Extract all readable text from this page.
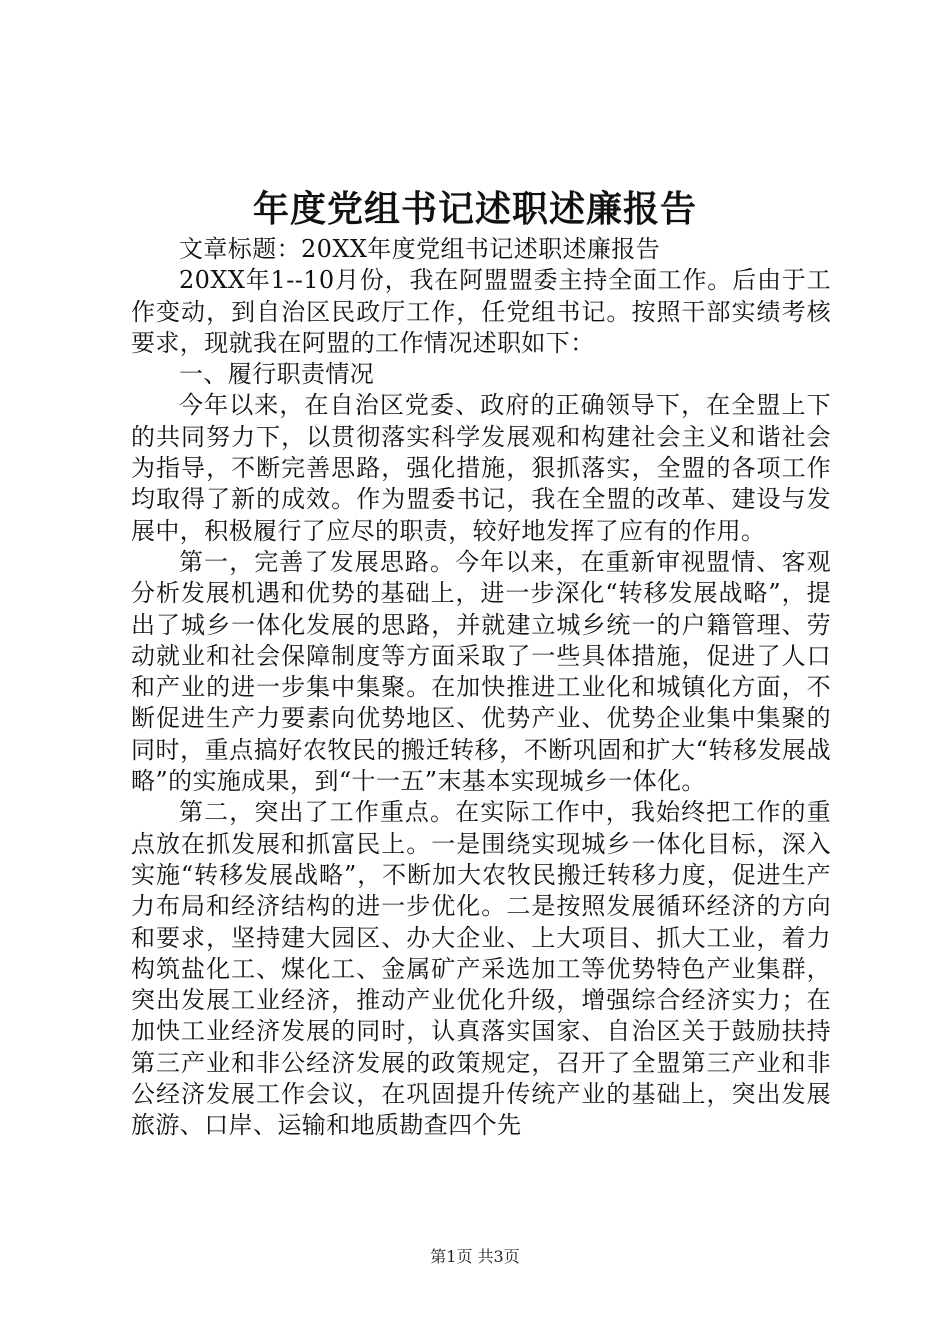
年度党组书记述职述廉报告

文章标题：20XX年度党组书记述职述廉报告

20XX年1--10月份，我在阿盟盟委主持全面工作。后由于工作变动，到自治区民政厅工作，任党组书记。按照干部实绩考核要求，现就我在阿盟的工作情况述职如下：

一、履行职责情况

今年以来，在自治区党委、政府的正确领导下，在全盟上下的共同努力下，以贯彻落实科学发展观和构建社会主义和谐社会为指导，不断完善思路，强化措施，狠抓落实，全盟的各项工作均取得了新的成效。作为盟委书记，我在全盟的改革、建设与发展中，积极履行了应尽的职责，较好地发挥了应有的作用。

第一，完善了发展思路。今年以来，在重新审视盟情、客观分析发展机遇和优势的基础上，进一步深化“转移发展战略”，提出了城乡一体化发展的思路，并就建立城乡统一的户籍管理、劳动就业和社会保障制度等方面采取了一些具体措施，促进了人口和产业的进一步集中集聚。在加快推进工业化和城镇化方面，不断促进生产力要素向优势地区、优势产业、优势企业集中集聚的同时，重点搞好农牧民的搬迁转移，不断巩固和扩大“转移发展战略”的实施成果，到“十一五”末基本实现城乡一体化。

第二，突出了工作重点。在实际工作中，我始终把工作的重点放在抓发展和抓富民上。一是围绕实现城乡一体化目标，深入实施“转移发展战略”，不断加大农牧民搬迁转移力度，促进生产力布局和经济结构的进一步优化。二是按照发展循环经济的方向和要求，坚持建大园区、办大企业、上大项目、抓大工业，着力构筑盐化工、煤化工、金属矿产采选加工等优势特色产业集群，突出发展工业经济，推动产业优化升级，增强综合经济实力；在加快工业经济发展的同时，认真落实国家、自治区关于鼓励扶持第三产业和非公经济发展的政策规定，召开了全盟第三产业和非公经济发展工作会议，在巩固提升传统产业的基础上，突出发展旅游、口岸、运输和地质勘查四个先

第1页 共3页
